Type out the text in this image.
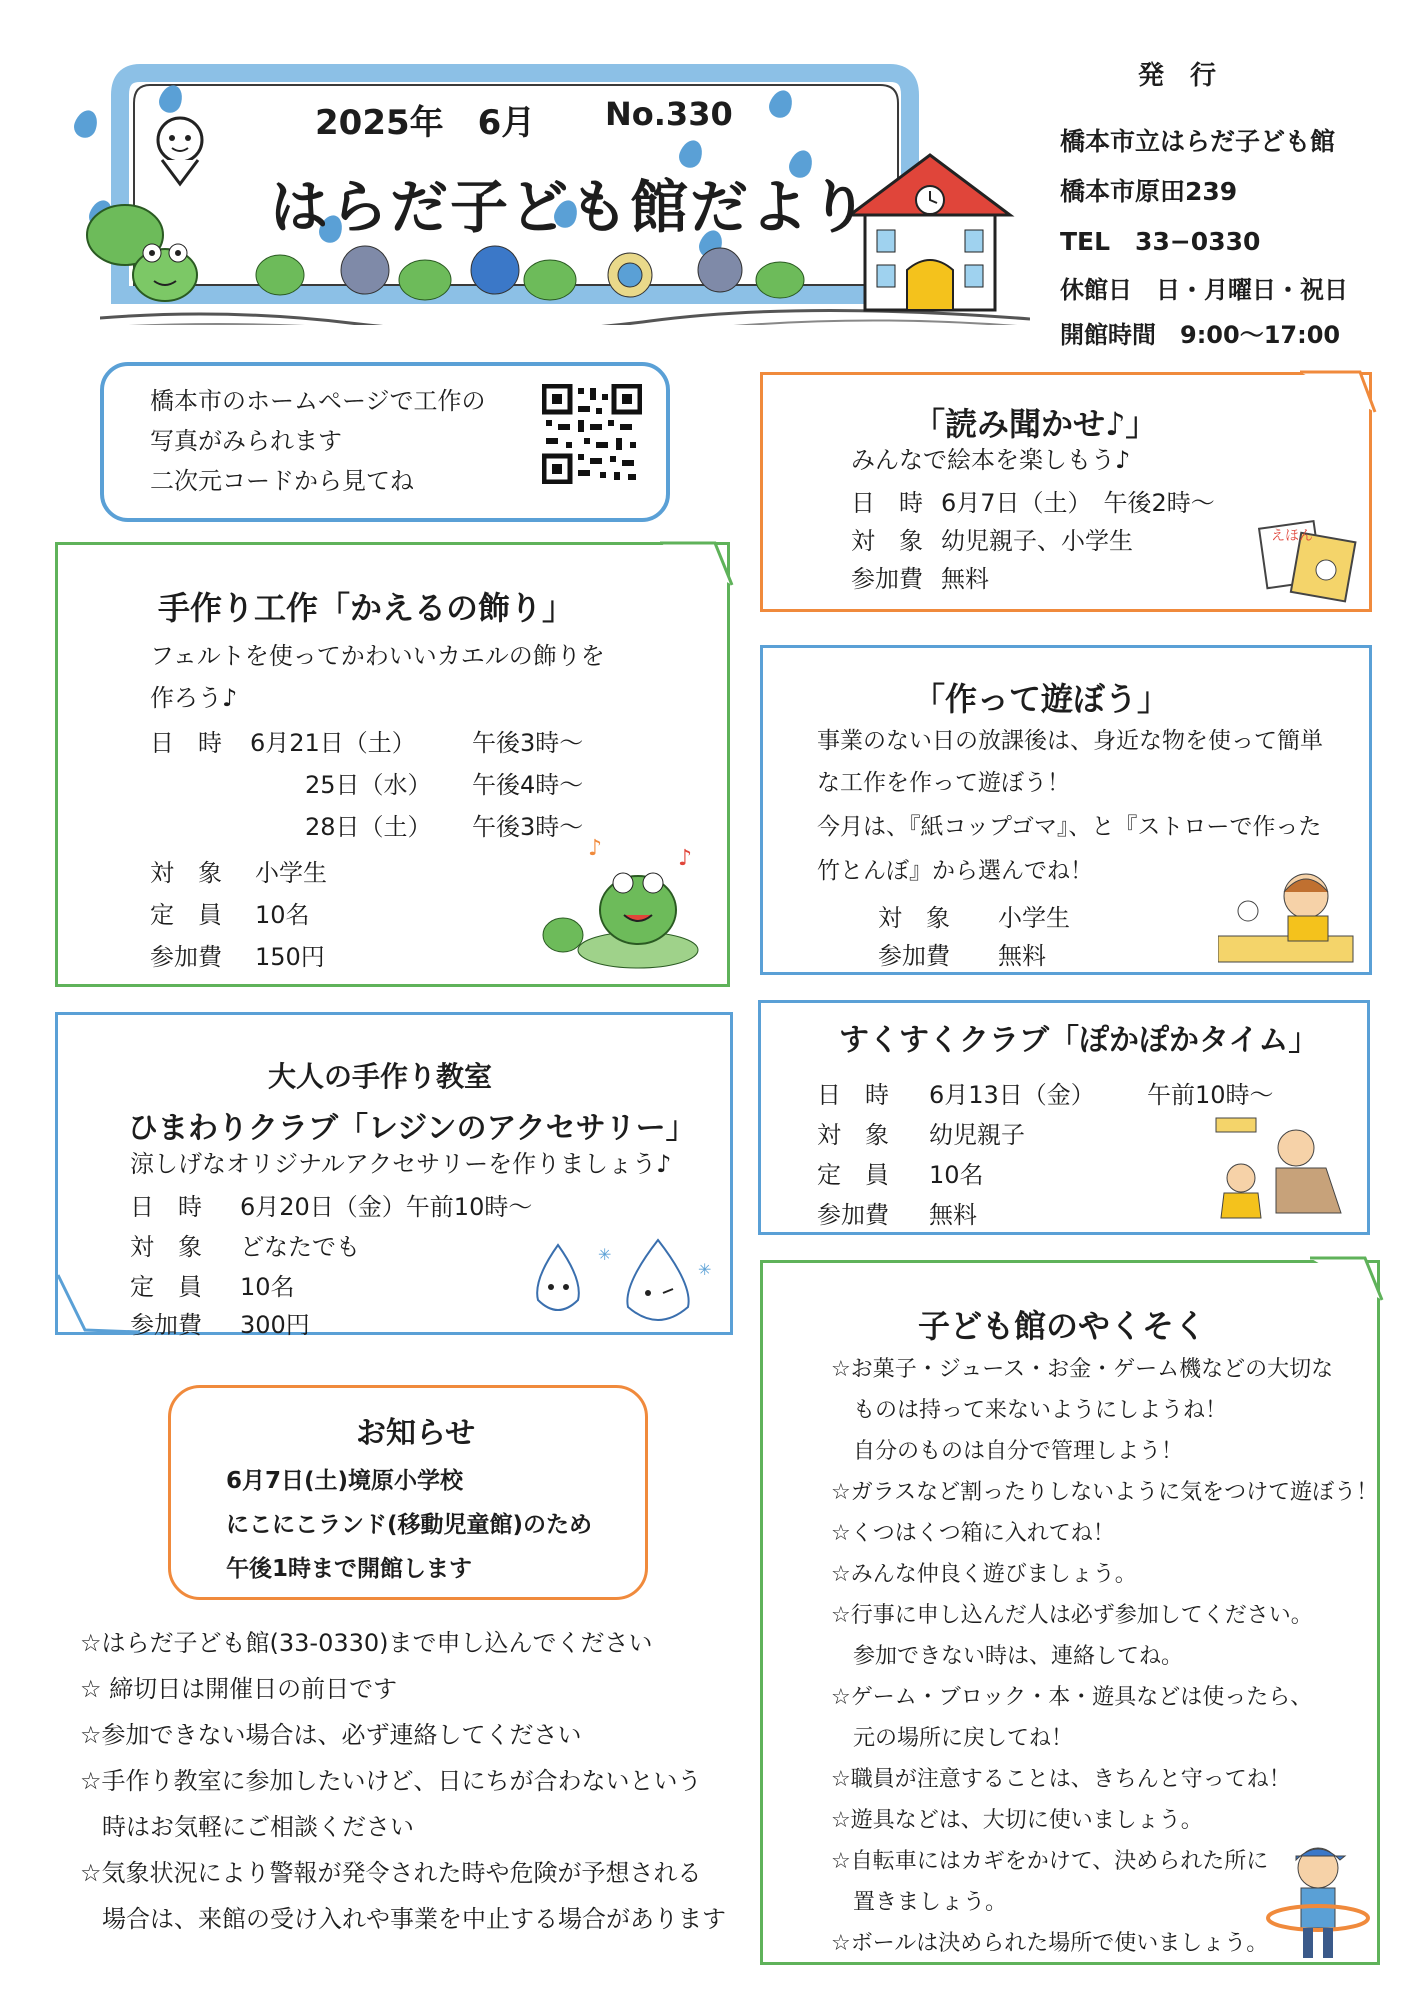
2025年　6月 No.330
はらだ子ども館だより
発　行
橋本市立はらだ子ども館
橋本市原田239
TEL　33−0330
休館日　日・月曜日・祝日
開館時間　9:00〜17:00
橋本市のホームページで工作の
写真がみられます
二次元コードから見てね
「読み聞かせ♪」
みんなで絵本を楽しもう♪
日　時 6月7日（土）　午後2時〜
対　象 幼児親子、小学生
参加費 無料
えほん
手作り工作「かえるの飾り」
フェルトを使ってかわいいカエルの飾りを
作ろう♪
日　時 6月21日（土） 午後3時〜
25日（水） 午後4時〜
28日（土） 午後3時〜
対　象 小学生
定　員 10名
参加費 150円
♪	♪
「作って遊ぼう」
事業のない日の放課後は、身近な物を使って簡単
な工作を作って遊ぼう！
今月は、『紙コップゴマ』、と『ストローで作った
竹とんぼ』から選んでね！
対　象 小学生
参加費 無料
大人の手作り教室
ひまわりクラブ「レジンのアクセサリー」
涼しげなオリジナルアクセサリーを作りましょう♪
日　時 6月20日（金）午前10時〜
対　象 どなたでも
定　員 10名
参加費 300円
✳
✳
すくすくクラブ「ぽかぽかタイム」
日　時 6月13日（金） 午前10時〜
対　象 幼児親子
定　員 10名
参加費 無料
お知らせ
6月7日(土)境原小学校
にこにこランド(移動児童館)のため
午後1時まで開館します
☆はらだ子ども館(33-0330)まで申し込んでください
☆ 締切日は開催日の前日です
☆参加できない場合は、必ず連絡してください
☆手作り教室に参加したいけど、日にちが合わないという
時はお気軽にご相談ください
☆気象状況により警報が発令された時や危険が予想される
場合は、来館の受け入れや事業を中止する場合があります
子ども館のやくそく
☆お菓子・ジュース・お金・ゲーム機などの大切な
ものは持って来ないようにしようね！
自分のものは自分で管理しよう！
☆ガラスなど割ったりしないように気をつけて遊ぼう！
☆くつはくつ箱に入れてね！
☆みんな仲良く遊びましょう。
☆行事に申し込んだ人は必ず参加してください。
参加できない時は、連絡してね。
☆ゲーム・ブロック・本・遊具などは使ったら、
元の場所に戻してね！
☆職員が注意することは、きちんと守ってね！
☆遊具などは、大切に使いましょう。
☆自転車にはカギをかけて、決められた所に
置きましょう。
☆ボールは決められた場所で使いましょう。
